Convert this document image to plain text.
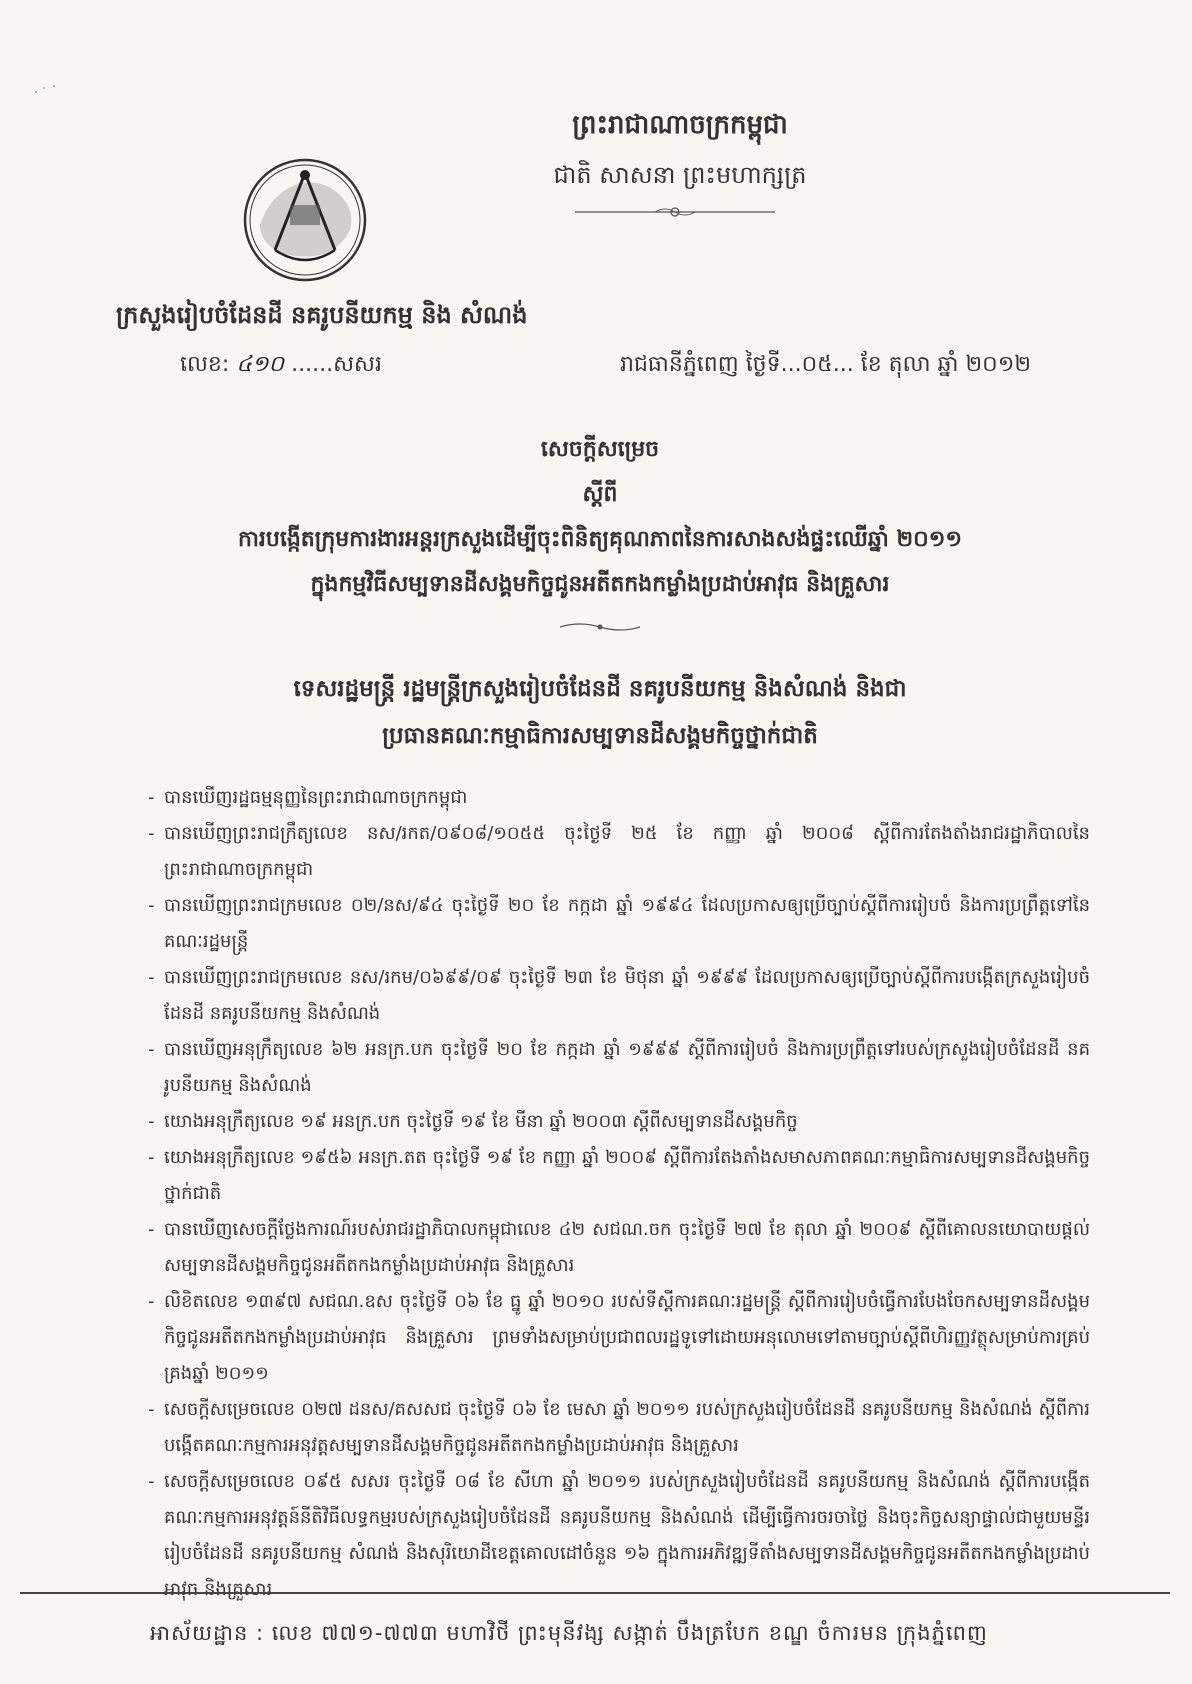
ព្រះរាជាណាចក្រកម្ពុជា
ជាតិ សាសនា ព្រះមហាក្សត្រ
ក្រសួងរៀបចំដែនដី នគរូបនីយកម្ម និង សំណង់
លេខ: ៤១០ ......សសរ	រាជធានីភ្នំពេញ ថ្ងៃទី...០៥... ខែ តុលា ឆ្នាំ ២០១២
សេចក្តីសម្រេច
ស្តីពី
ការបង្កើតក្រុមការងារអន្តរក្រសួងដើម្បីចុះពិនិត្យគុណភាពនៃការសាងសង់ផ្ទះឈើឆ្នាំ ២០១១
ក្នុងកម្មវិធីសម្បទានដីសង្គមកិច្ចជូនអតីតកងកម្លាំងប្រដាប់អាវុធ និងគ្រួសារ
ទេសរដ្ឋមន្ត្រី រដ្ឋមន្ត្រីក្រសួងរៀបចំដែនដី នគរូបនីយកម្ម និងសំណង់ និងជា
ប្រធានគណៈកម្មាធិការសម្បទានដីសង្គមកិច្ចថ្នាក់ជាតិ
- បានឃើញរដ្ឋធម្មនុញ្ញនៃព្រះរាជាណាចក្រកម្ពុជា
- បានឃើញព្រះរាជក្រឹត្យលេខ នស/រកត/០៩០៨/១០៥៥ ចុះថ្ងៃទី ២៥ ខែ កញ្ញា ឆ្នាំ ២០០៨ ស្តីពីការតែងតាំងរាជរដ្ឋាភិបាលនៃព្រះរាជាណាចក្រកម្ពុជា
- បានឃើញព្រះរាជក្រមលេខ ០២/នស/៩៤ ចុះថ្ងៃទី ២០ ខែ កក្កដា ឆ្នាំ ១៩៩៤ ដែលប្រកាសឲ្យប្រើច្បាប់ស្តីពីការរៀបចំ និងការប្រព្រឹត្តទៅនៃគណៈរដ្ឋមន្ត្រី
- បានឃើញព្រះរាជក្រមលេខ នស/រកម/០៦៩៩/០៩ ចុះថ្ងៃទី ២៣ ខែ មិថុនា ឆ្នាំ ១៩៩៩ ដែលប្រកាសឲ្យប្រើច្បាប់ស្តីពីការបង្កើតក្រសួងរៀបចំដែនដី នគរូបនីយកម្ម និងសំណង់
- បានឃើញអនុក្រឹត្យលេខ ៦២ អនក្រ.បក ចុះថ្ងៃទី ២០ ខែ កក្កដា ឆ្នាំ ១៩៩៩ ស្តីពីការរៀបចំ និងការប្រព្រឹត្តទៅរបស់ក្រសួងរៀបចំដែនដី នគរូបនីយកម្ម និងសំណង់
- យោងអនុក្រឹត្យលេខ ១៩ អនក្រ.បក ចុះថ្ងៃទី ១៩ ខែ មីនា ឆ្នាំ ២០០៣ ស្តីពីសម្បទានដីសង្គមកិច្ច
- យោងអនុក្រឹត្យលេខ ១៩៥៦ អនក្រ.តត ចុះថ្ងៃទី ១៩ ខែ កញ្ញា ឆ្នាំ ២០០៩ ស្តីពីការតែងតាំងសមាសភាពគណៈកម្មាធិការសម្បទានដីសង្គមកិច្ចថ្នាក់ជាតិ
- បានឃើញសេចក្តីថ្លែងការណ៍របស់រាជរដ្ឋាភិបាលកម្ពុជាលេខ ៤២ សជណ.ចក ចុះថ្ងៃទី ២៧ ខែ តុលា ឆ្នាំ ២០០៩ ស្តីពីគោលនយោបាយផ្តល់សម្បទានដីសង្គមកិច្ចជូនអតីតកងកម្លាំងប្រដាប់អាវុធ និងគ្រួសារ
- លិខិតលេខ ១៣៩៧ សជណ.ឧស ចុះថ្ងៃទី ០៦ ខែ ធ្នូ ឆ្នាំ ២០១០ របស់ទីស្តីការគណៈរដ្ឋមន្ត្រី ស្តីពីការរៀបចំធ្វើការបែងចែកសម្បទានដីសង្គមកិច្ចជូនអតីតកងកម្លាំងប្រដាប់អាវុធ និងគ្រួសារ ព្រមទាំងសម្រាប់ប្រជាពលរដ្ឋទូទៅដោយអនុលោមទៅតាមច្បាប់ស្តីពីហិរញ្ញវត្ថុសម្រាប់ការគ្រប់គ្រងឆ្នាំ ២០១១
- សេចក្តីសម្រេចលេខ ០២៧ ដនស/គសសជ ចុះថ្ងៃទី ០៦ ខែ មេសា ឆ្នាំ ២០១១ របស់ក្រសួងរៀបចំដែនដី នគរូបនីយកម្ម និងសំណង់ ស្តីពីការបង្កើតគណៈកម្មការអនុវត្តសម្បទានដីសង្គមកិច្ចជូនអតីតកងកម្លាំងប្រដាប់អាវុធ និងគ្រួសារ
- សេចក្តីសម្រេចលេខ ០៩៥ សសរ ចុះថ្ងៃទី ០៨ ខែ សីហា ឆ្នាំ ២០១១ របស់ក្រសួងរៀបចំដែនដី នគរូបនីយកម្ម និងសំណង់ ស្តីពីការបង្កើតគណៈកម្មការអនុវត្តន៍នីតិវិធីលទ្ធកម្មរបស់ក្រសួងរៀបចំដែនដី នគរូបនីយកម្ម និងសំណង់ ដើម្បីធ្វើការចរចាថ្លៃ និងចុះកិច្ចសន្យាផ្ទាល់ជាមួយមន្ទីររៀបចំដែនដី នគរូបនីយកម្ម សំណង់ និងសុរិយោដីខេត្តគោលដៅចំនួន ១៦ ក្នុងការអភិវឌ្ឍទីតាំងសម្បទានដីសង្គមកិច្ចជូនអតីតកងកម្លាំងប្រដាប់អាវុធ និងគ្រួសារ
អាស័យដ្ឋាន : លេខ ៧៧១-៧៧៣ មហាវិថី ព្រះមុនីវង្ស សង្កាត់ បឹងត្របែក ខណ្ឌ ចំការមន ក្រុងភ្នំពេញ
